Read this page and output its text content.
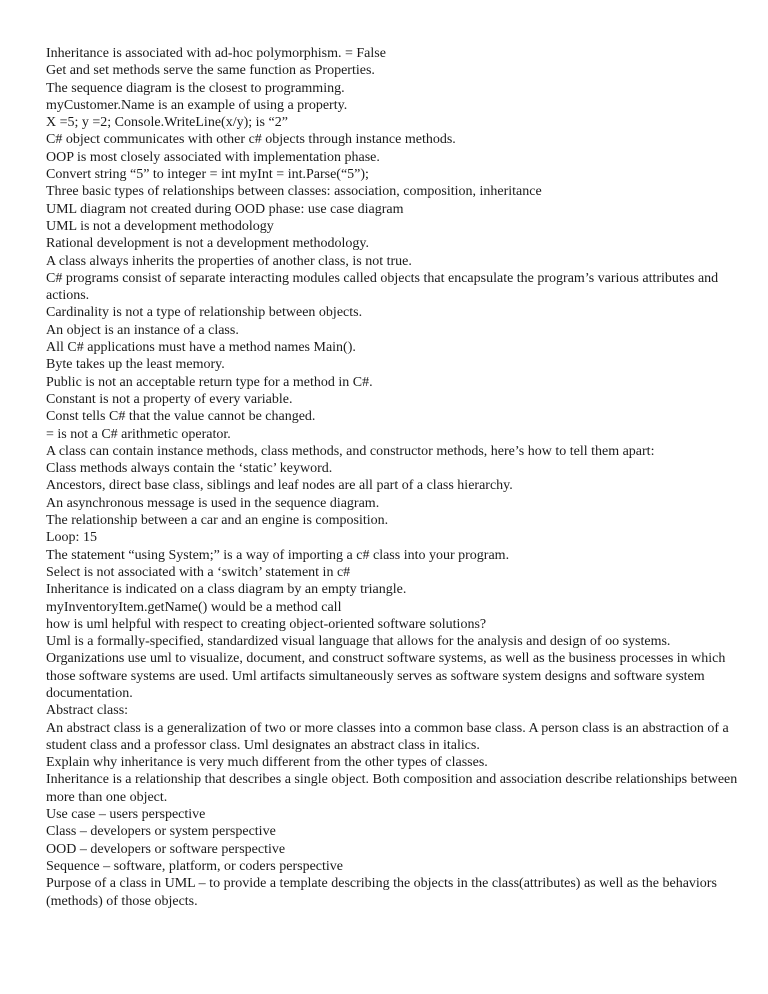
Inheritance is associated with ad-hoc polymorphism. = False

Get and set methods serve the same function as Properties.

The sequence diagram is the closest to programming.

myCustomer.Name is an example of using a property.

X =5; y =2; Console.WriteLine(x/y); is “2”

C# object communicates with other c# objects through instance methods.

OOP is most closely associated with implementation phase.

Convert string “5” to integer = int myInt = int.Parse(“5”);

Three basic types of relationships between classes: association, composition, inheritance

UML diagram not created during OOD phase: use case diagram

UML is not a development methodology

Rational development is not a development methodology.

A class always inherits the properties of another class, is not true.

C# programs consist of separate interacting modules called objects that encapsulate the program’s various attributes and actions.

Cardinality is not a type of relationship between objects.

An object is an instance of a class.

All C# applications must have a method names Main().

Byte takes up the least memory.

Public is not an acceptable return type for a method in C#.

Constant is not a property of every variable.

Const tells C# that the value cannot be changed.

= is not a C# arithmetic operator.

A class can contain instance methods, class methods, and constructor methods, here’s how to tell them apart:

Class methods always contain the ‘static’ keyword.

Ancestors, direct base class, siblings and leaf nodes are all part of a class hierarchy.

An asynchronous message is used in the sequence diagram.

The relationship between a car and an engine is composition.

Loop: 15

The statement “using System;” is a way of importing a c# class into your program.

Select is not associated with a ‘switch’ statement in c#

Inheritance is indicated on a class diagram by an empty triangle.

myInventoryItem.getName() would be a method call

how is uml helpful with respect to creating object-oriented software solutions?

Uml is a formally-specified, standardized visual language that allows for the analysis and design of oo systems.

Organizations use uml to visualize, document, and construct software systems, as well as the business processes in which those software systems are used. Uml artifacts simultaneously serves as software system designs and software system documentation.

Abstract class:

An abstract class is a generalization of two or more classes into a common base class. A person class is an abstraction of a student class and a professor class. Uml designates an abstract class in italics.

Explain why inheritance is very much different from the other types of classes.

Inheritance is a relationship that describes a single object. Both composition and association describe relationships between more than one object.

Use case – users perspective

Class – developers or system perspective

OOD – developers or software perspective

Sequence – software, platform, or coders perspective

Purpose of a class in UML – to provide a template describing the objects in the class(attributes) as well as the behaviors (methods) of those objects.
